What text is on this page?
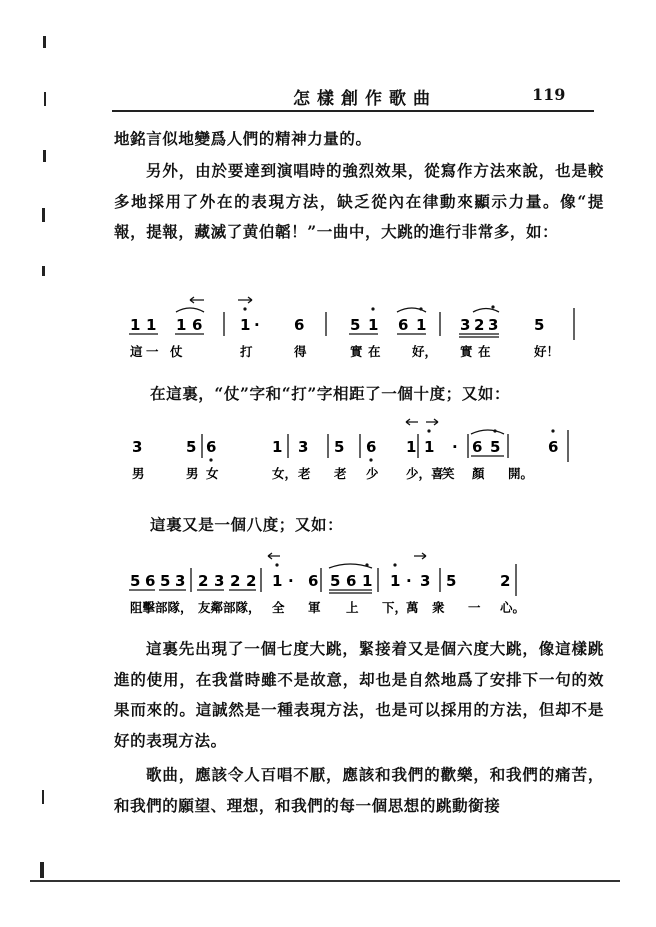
怎樣創作歌曲	119
地銘言似地變爲人們的精神力量的。
另外，由於要達到演唱時的強烈效果，從寫作方法來說，也是較多地採用了外在的表現方法，缺乏從內在律動來顯示力量。像“提報，提報，藏滅了黄伯韜！”一曲中，大跳的進行非常多，如：
1 1 1 6	1 · 6	5 1 6 1 3 2 3 5
這 一 仗	打	得	實 在	好， 實 在	好！
在這裏，“仗”字和“打”字相距了一個十度；又如：
3	5 6	1 3 5 6 1 1 · 6 5	6
男	男 女	女， 老 老 少 少，喜
笑 顏 開。
這裏又是一個八度；又如：
5 6 5 3 2 3 2 2 1 · 6 5 6 1 1 · 3 5	2
阻擊部隊， 友鄰部隊， 全 軍 上 下，
萬 衆 一 心。
這裏先出現了一個七度大跳，緊接着又是個六度大跳，像這樣跳進的使用，在我當時雖不是故意，却也是自然地爲了安排下一句的效果而來的。這誠然是一種表現方法，也是可以採用的方法，但却不是好的表現方法。
歌曲，應該令人百唱不厭，應該和我們的歡樂，和我們的痛苦，和我們的願望、理想，和我們的每一個思想的跳動銜接
